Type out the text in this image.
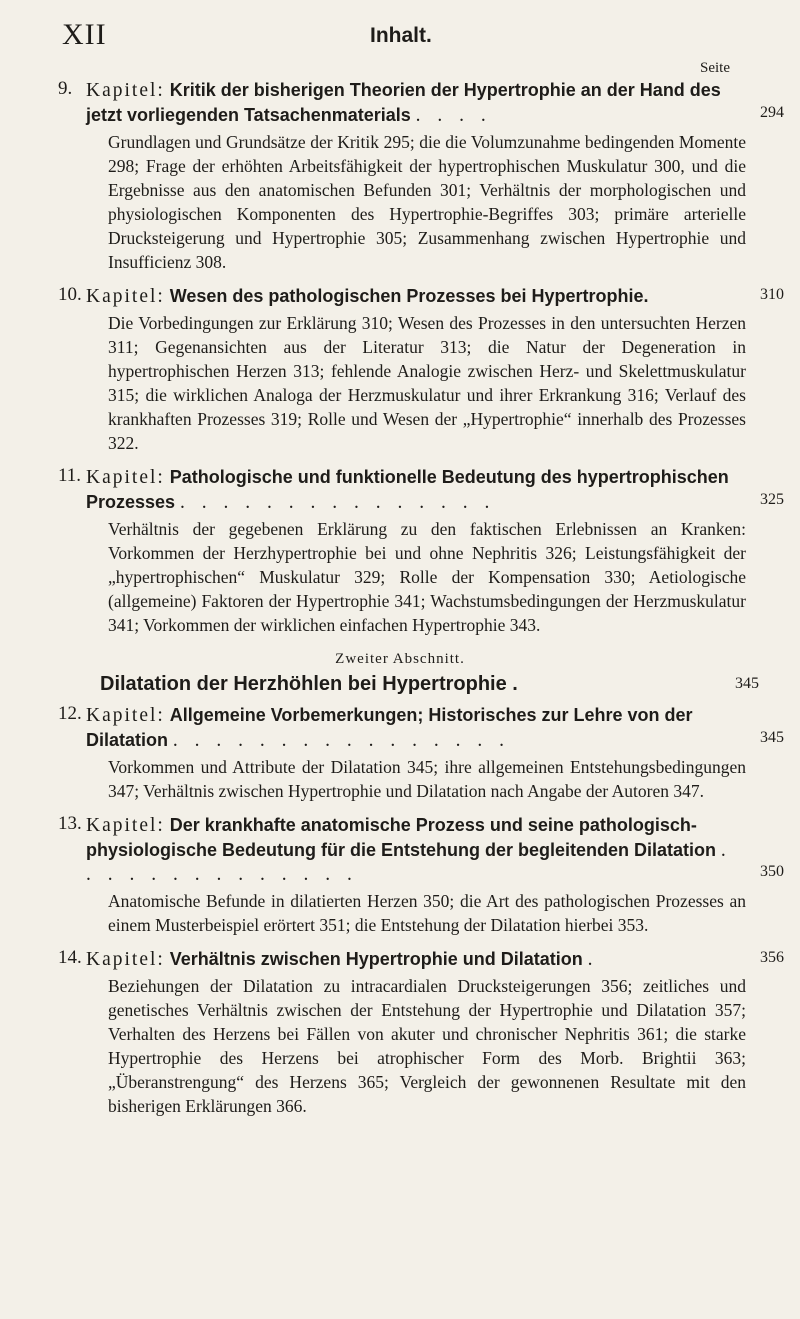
XII	Inhalt.
Seite
9. Kapitel: Kritik der bisherigen Theorien der Hypertrophie an der Hand des jetzt vorliegenden Tatsachenmaterials . . . .	294

Grundlagen und Grundsätze der Kritik 295; die die Volumzunahme bedingenden Momente 298; Frage der erhöhten Arbeitsfähigkeit der hypertrophischen Muskulatur 300, und die Ergebnisse aus den anatomischen Befunden 301; Verhältnis der morphologischen und physiologischen Komponenten des Hypertrophie-Begriffes 303; primäre arterielle Drucksteigerung und Hypertrophie 305; Zusammenhang zwischen Hypertrophie und Insufficienz 308.

10. Kapitel: Wesen des pathologischen Prozesses bei Hypertrophie.	310

Die Vorbedingungen zur Erklärung 310; Wesen des Prozesses in den untersuchten Herzen 311; Gegenansichten aus der Literatur 313; die Natur der Degeneration in hypertrophischen Herzen 313; fehlende Analogie zwischen Herz- und Skelettmuskulatur 315; die wirklichen Analoga der Herzmuskulatur und ihrer Erkrankung 316; Verlauf des krankhaften Prozesses 319; Rolle und Wesen der „Hypertrophie“ innerhalb des Prozesses 322.

11. Kapitel: Pathologische und funktionelle Bedeutung des hypertrophischen Prozesses . . . . . . . . . . . . . . .	325

Verhältnis der gegebenen Erklärung zu den faktischen Erlebnissen an Kranken: Vorkommen der Herzhypertrophie bei und ohne Nephritis 326; Leistungsfähigkeit der „hypertrophischen“ Muskulatur 329; Rolle der Kompensation 330; Aetiologische (allgemeine) Faktoren der Hypertrophie 341; Wachstumsbedingungen der Herzmuskulatur 341; Vorkommen der wirklichen einfachen Hypertrophie 343.

Zweiter Abschnitt.
Dilatation der Herzhöhlen bei Hypertrophie .	345
12. Kapitel: Allgemeine Vorbemerkungen; Historisches zur Lehre von der Dilatation . . . . . . . . . . . . . . . .	345

Vorkommen und Attribute der Dilatation 345; ihre allgemeinen Entstehungsbedingungen 347; Verhältnis zwischen Hypertrophie und Dilatation nach Angabe der Autoren 347.

13. Kapitel: Der krankhafte anatomische Prozess und seine pathologisch-physiologische Bedeutung für die Entstehung der begleitenden Dilatation . . . . . . . . . . . . . .	350

Anatomische Befunde in dilatierten Herzen 350; die Art des pathologischen Prozesses an einem Musterbeispiel erörtert 351; die Entstehung der Dilatation hierbei 353.

14. Kapitel: Verhältnis zwischen Hypertrophie und Dilatation .	356

Beziehungen der Dilatation zu intracardialen Drucksteigerungen 356; zeitliches und genetisches Verhältnis zwischen der Entstehung der Hypertrophie und Dilatation 357; Verhalten des Herzens bei Fällen von akuter und chronischer Nephritis 361; die starke Hypertrophie des Herzens bei atrophischer Form des Morb. Brightii 363; „Überanstrengung“ des Herzens 365; Vergleich der gewonnenen Resultate mit den bisherigen Erklärungen 366.
